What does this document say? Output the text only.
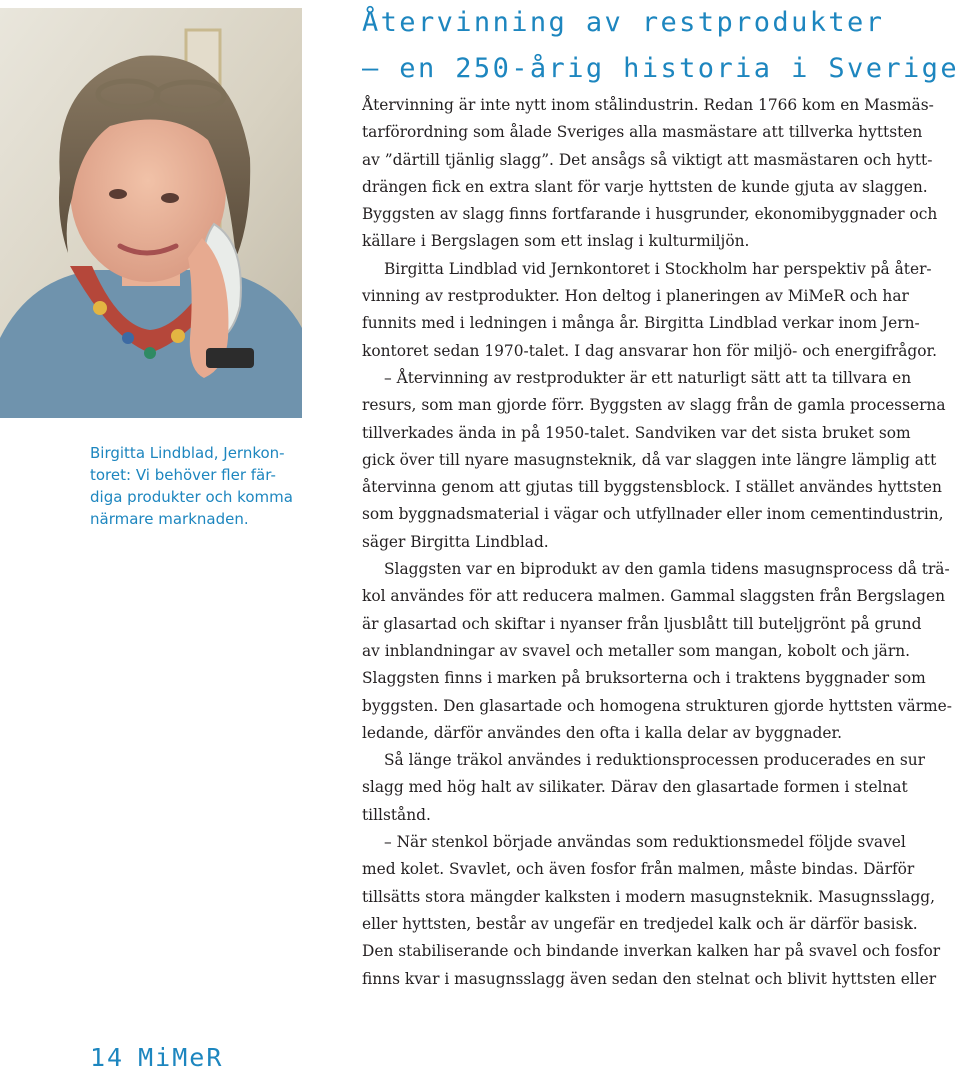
Birgitta Lindblad, Jernkon-
toret: Vi behöver fler fär-
diga produkter och komma
närmare marknaden.
Återvinning av restprodukter
– en 250-årig historia i Sverige
Återvinning är inte nytt inom stålindustrin. Redan 1766 kom en Masmäs-
tarförordning som ålade Sveriges alla masmästare att tillverka hyttsten
av ”därtill tjänlig slagg”. Det ansågs så viktigt att masmästaren och hytt-
drängen fick en extra slant för varje hyttsten de kunde gjuta av slaggen.
Byggsten av slagg finns fortfarande i husgrunder, ekonomibyggnader och
källare i Bergslagen som ett inslag i kulturmiljön.
Birgitta Lindblad vid Jernkontoret i Stockholm har perspektiv på åter-
vinning av restprodukter. Hon deltog i planeringen av MiMeR och har
funnits med i ledningen i många år. Birgitta Lindblad verkar inom Jern-
kontoret sedan 1970-talet. I dag ansvarar hon för miljö- och energifrågor.
– Återvinning av restprodukter är ett naturligt sätt att ta tillvara en
resurs, som man gjorde förr. Byggsten av slagg från de gamla processerna
tillverkades ända in på 1950-talet. Sandviken var det sista bruket som
gick över till nyare masugnsteknik, då var slaggen inte längre lämplig att
återvinna genom att gjutas till byggstensblock. I stället användes hyttsten
som byggnadsmaterial i vägar och utfyllnader eller inom cementindustrin,
säger Birgitta Lindblad.
Slaggsten var en biprodukt av den gamla tidens masugnsprocess då trä-
kol användes för att reducera malmen. Gammal slaggsten från Bergslagen
är glasartad och skiftar i nyanser från ljusblått till buteljgrönt på grund
av inblandningar av svavel och metaller som mangan, kobolt och järn.
Slaggsten finns i marken på bruksorterna och i traktens byggnader som
byggsten. Den glasartade och homogena strukturen gjorde hyttsten värme-
ledande, därför användes den ofta i kalla delar av byggnader.
Så länge träkol användes i reduktionsprocessen producerades en sur
slagg med hög halt av silikater. Därav den glasartade formen i stelnat
tillstånd.
– När stenkol började användas som reduktionsmedel följde svavel
med kolet. Svavlet, och även fosfor från malmen, måste bindas. Därför
tillsätts stora mängder kalksten i modern masugnsteknik. Masugnsslagg,
eller hyttsten, består av ungefär en tredjedel kalk och är därför basisk.
Den stabiliserande och bindande inverkan kalken har på svavel och fosfor
finns kvar i masugnsslagg även sedan den stelnat och blivit hyttsten eller
14 MiMeR
